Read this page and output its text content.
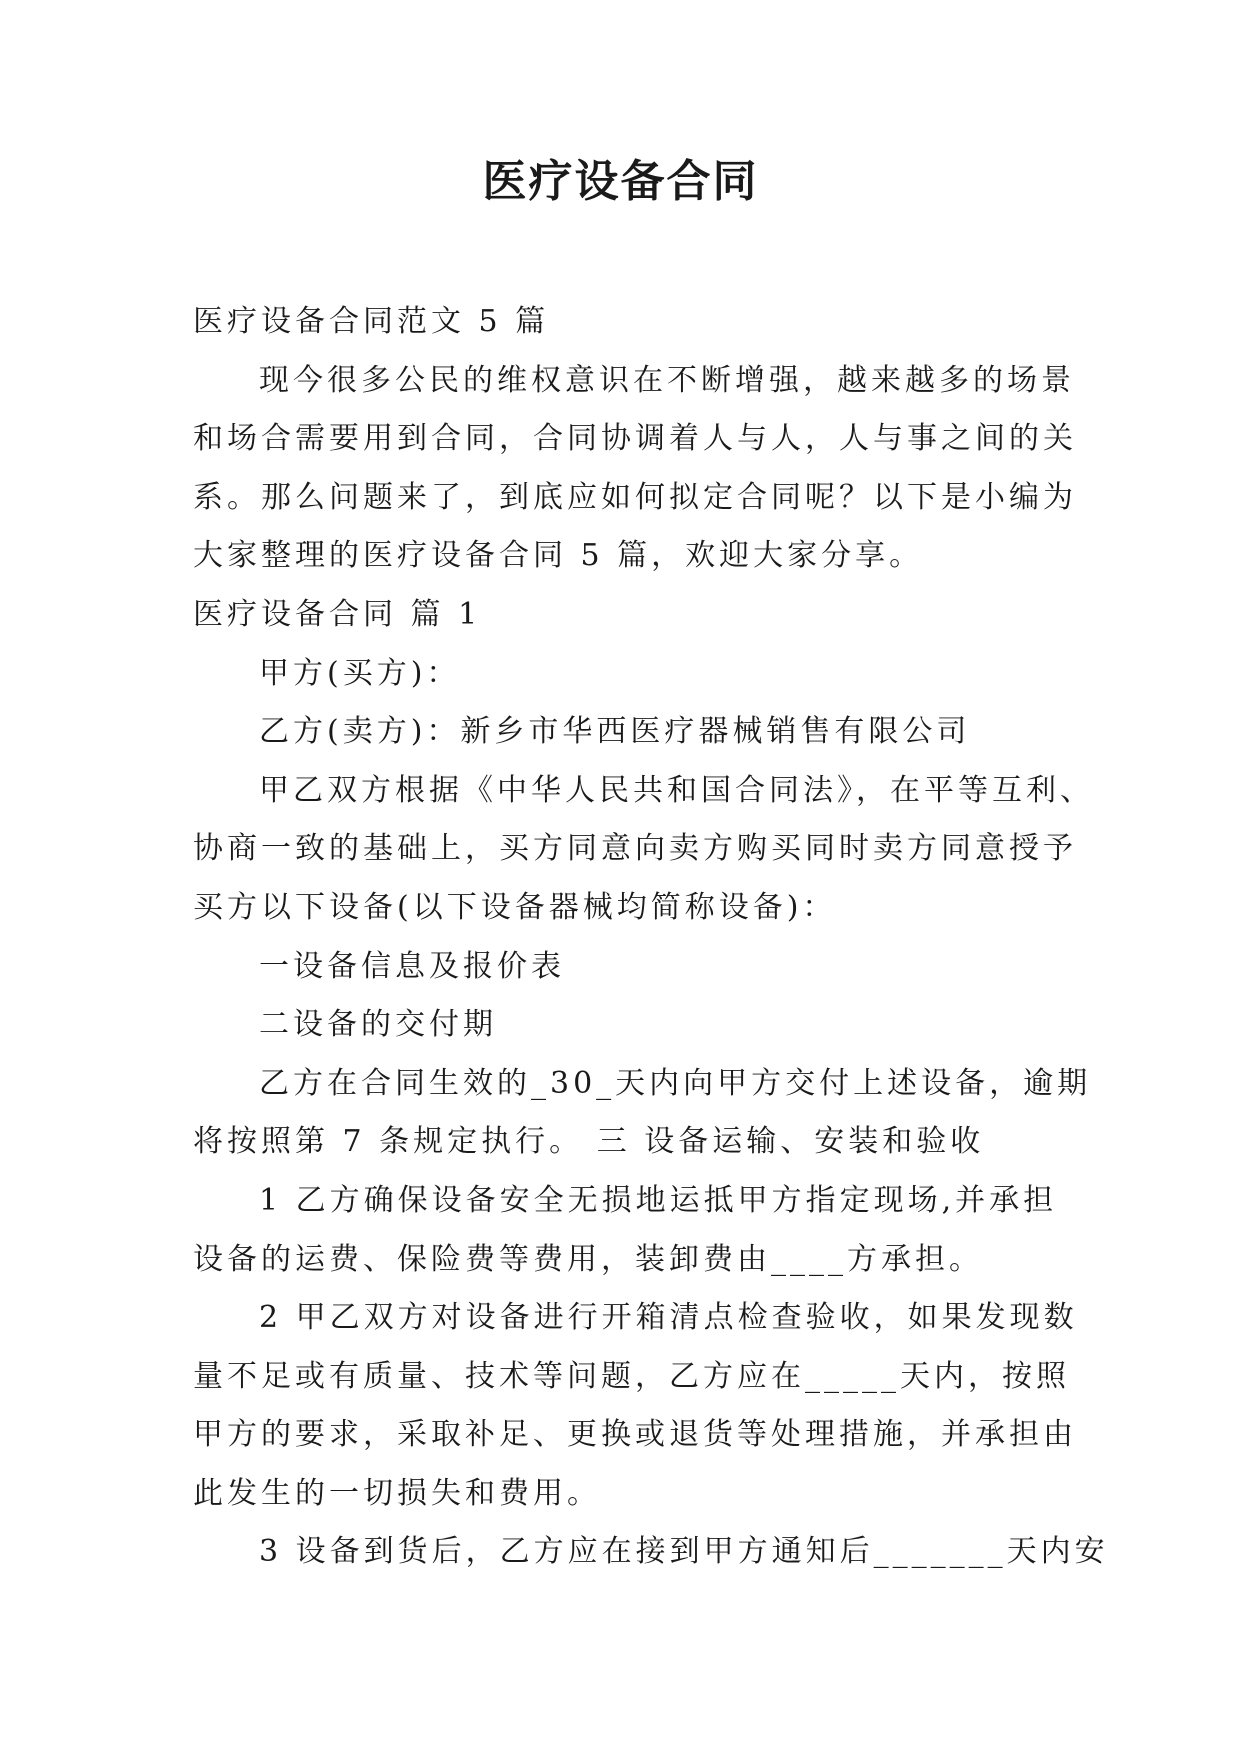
医疗设备合同

医疗设备合同范文 5 篇

现今很多公民的维权意识在不断增强，越来越多的场景

和场合需要用到合同，合同协调着人与人，人与事之间的关

系。那么问题来了，到底应如何拟定合同呢？以下是小编为

大家整理的医疗设备合同 5 篇，欢迎大家分享。

医疗设备合同 篇 1

甲方(买方)：

乙方(卖方)：新乡市华西医疗器械销售有限公司

甲乙双方根据《中华人民共和国合同法》，在平等互利、

协商一致的基础上，买方同意向卖方购买同时卖方同意授予

买方以下设备(以下设备器械均简称设备)：

一设备信息及报价表

二设备的交付期

乙方在合同生效的_30_天内向甲方交付上述设备，逾期

将按照第 7 条规定执行。 三 设备运输、安装和验收

1 乙方确保设备安全无损地运抵甲方指定现场,并承担

设备的运费、保险费等费用，装卸费由____方承担。

2 甲乙双方对设备进行开箱清点检查验收，如果发现数

量不足或有质量、技术等问题，乙方应在_____天内，按照

甲方的要求，采取补足、更换或退货等处理措施，并承担由

此发生的一切损失和费用。

3 设备到货后，乙方应在接到甲方通知后_______天内安
